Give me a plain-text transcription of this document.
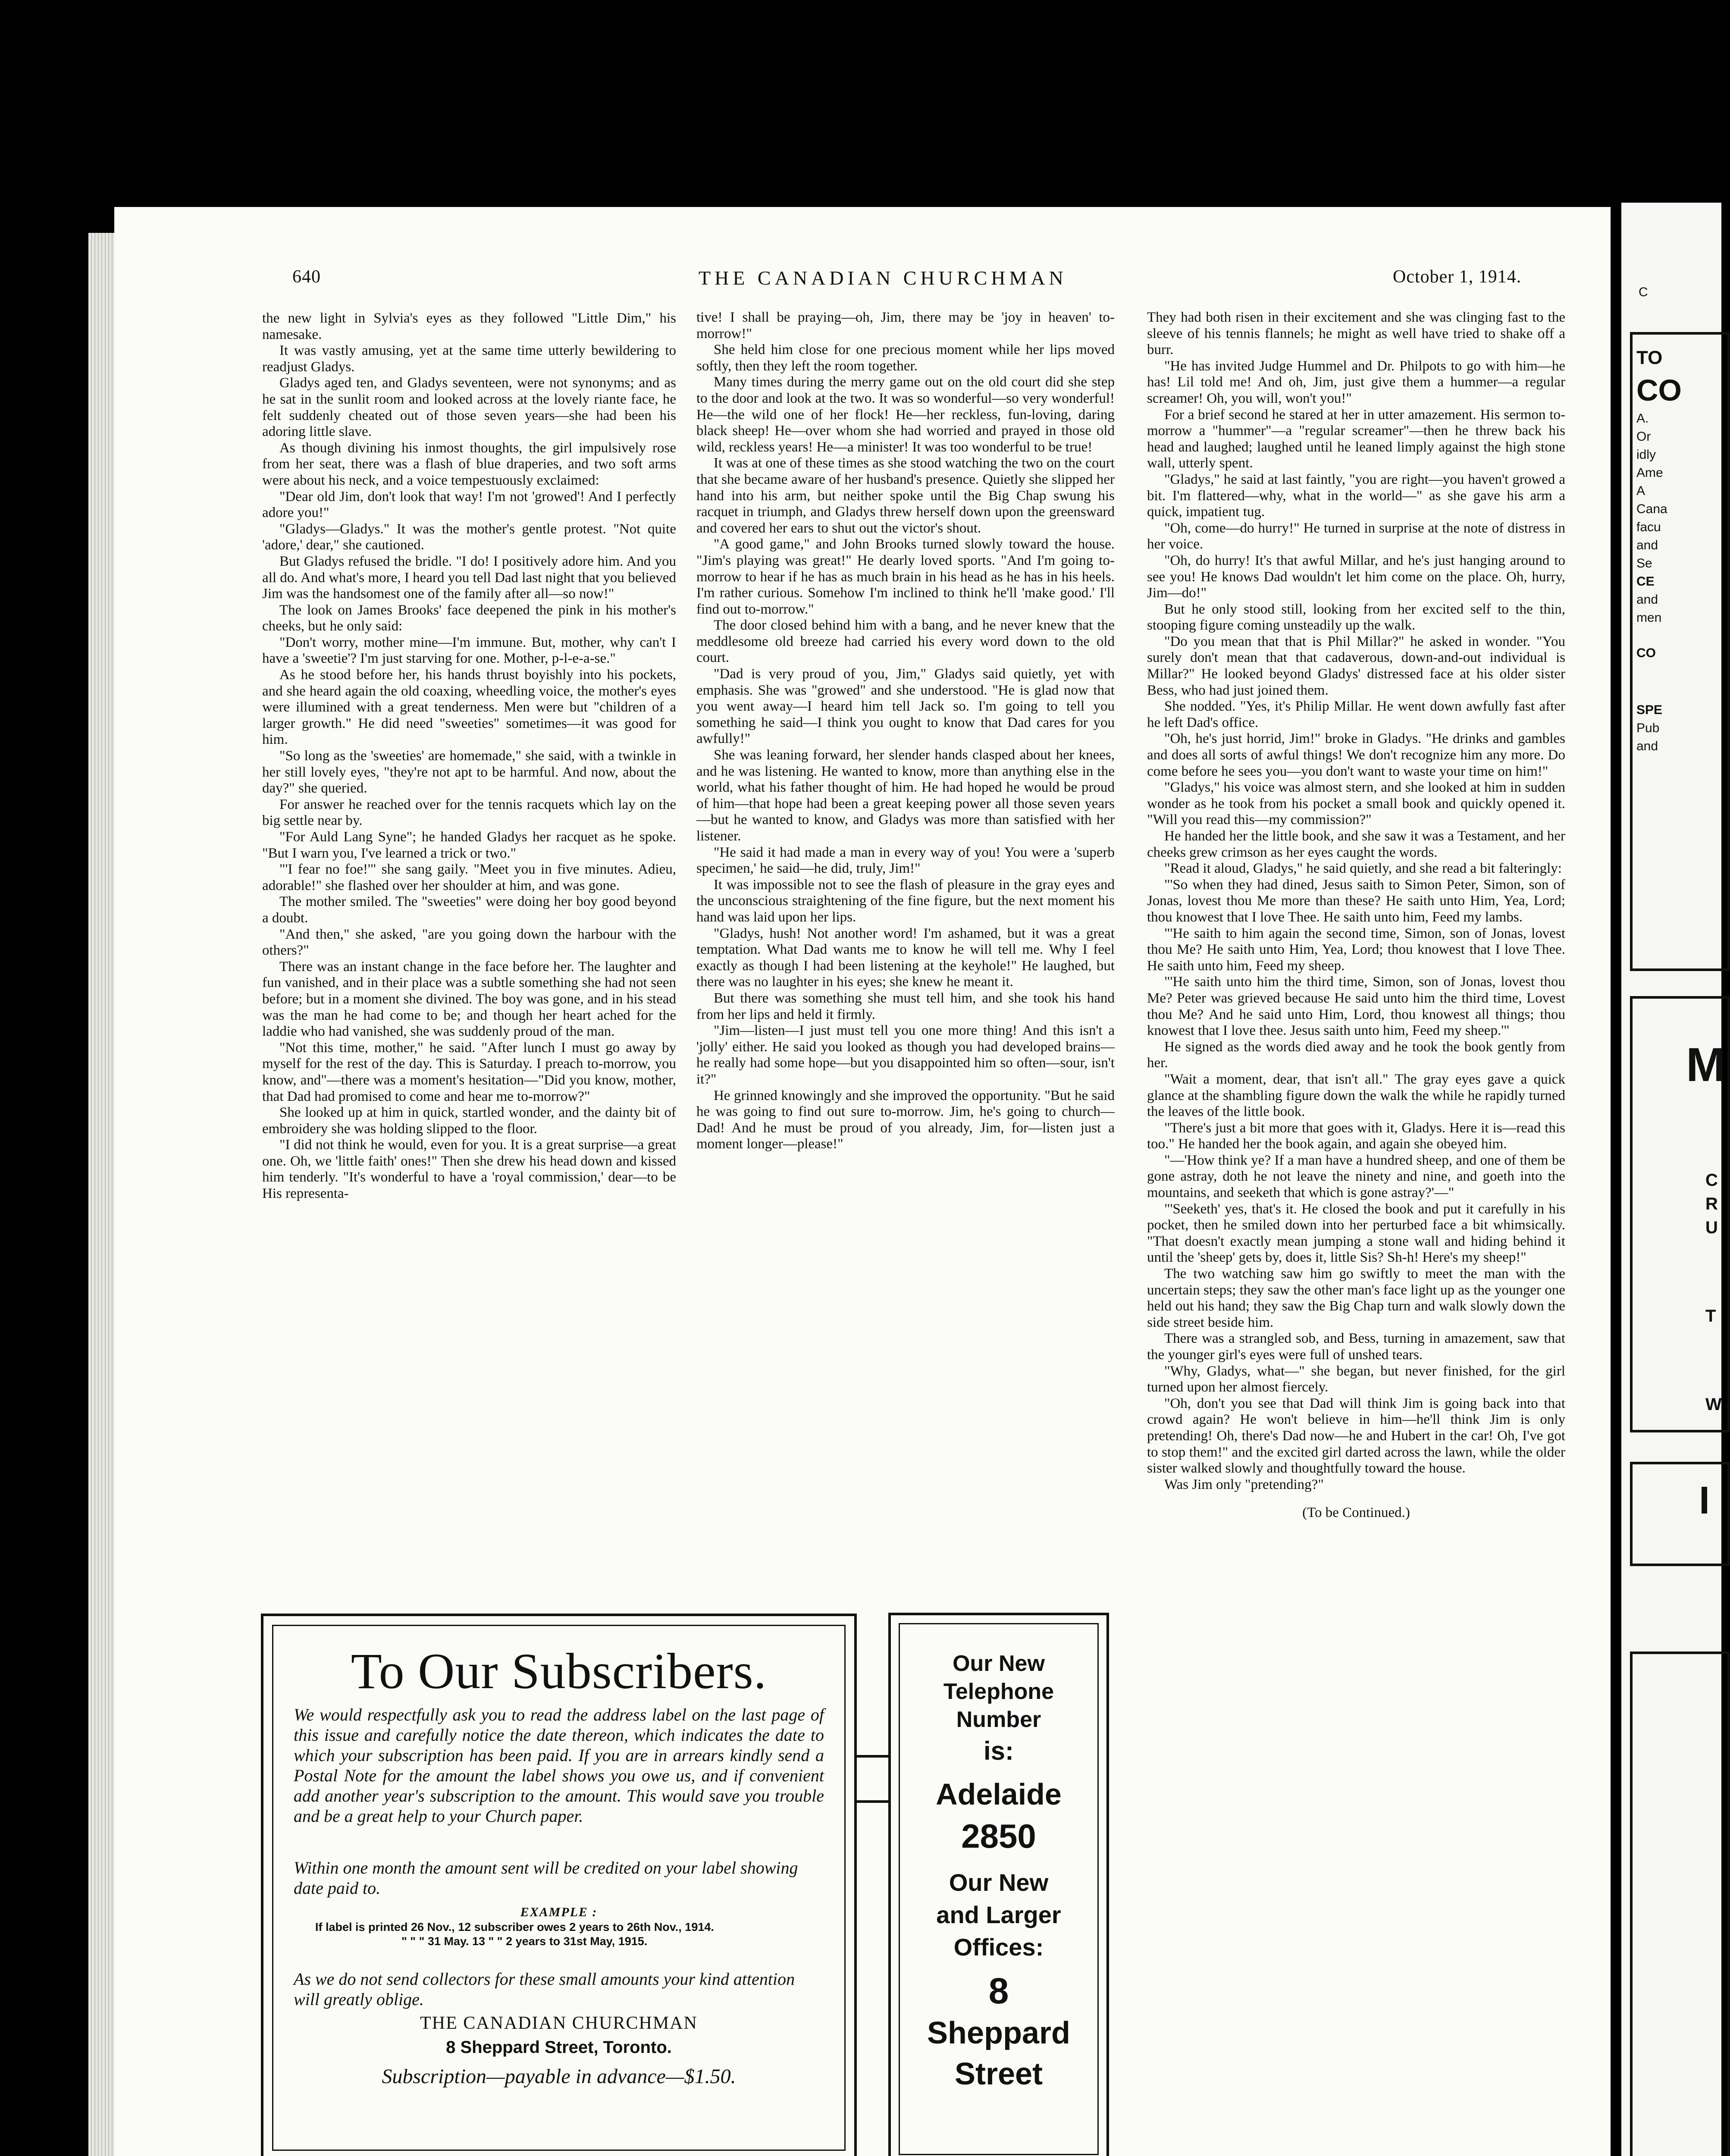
C
TO
CO
A.
Or
idly
Ame
A
Cana
facu
and
Se
CE
and
men
CO
SPE
Pub
and
M
C
R
U
T
W
I
640	THE CANADIAN CHURCHMAN	October 1, 1914.

the new light in Sylvia's eyes as they followed "Little Dim," his namesake.

It was vastly amusing, yet at the same time utterly bewildering to readjust Gladys.

Gladys aged ten, and Gladys seventeen, were not synonyms; and as he sat in the sunlit room and looked across at the lovely riante face, he felt suddenly cheated out of those seven years—she had been his adoring little slave.

As though divining his inmost thoughts, the girl impulsively rose from her seat, there was a flash of blue draperies, and two soft arms were about his neck, and a voice tempestuously exclaimed:

"Dear old Jim, don't look that way! I'm not 'growed'! And I perfectly adore you!"

"Gladys—Gladys." It was the mother's gentle protest. "Not quite 'adore,' dear," she cautioned.

But Gladys refused the bridle. "I do! I positively adore him. And you all do. And what's more, I heard you tell Dad last night that you believed Jim was the handsomest one of the family after all—so now!"

The look on James Brooks' face deepened the pink in his mother's cheeks, but he only said:

"Don't worry, mother mine—I'm immune. But, mother, why can't I have a 'sweetie'? I'm just starving for one. Mother, p-l-e-a-se."

As he stood before her, his hands thrust boyishly into his pockets, and she heard again the old coaxing, wheedling voice, the mother's eyes were illumined with a great tenderness. Men were but "children of a larger growth." He did need "sweeties" sometimes—it was good for him.

"So long as the 'sweeties' are homemade," she said, with a twinkle in her still lovely eyes, "they're not apt to be harmful. And now, about the day?" she queried.

For answer he reached over for the tennis racquets which lay on the big settle near by.

"For Auld Lang Syne"; he handed Gladys her racquet as he spoke. "But I warn you, I've learned a trick or two."

"'I fear no foe!'" she sang gaily. "Meet you in five minutes. Adieu, adorable!" she flashed over her shoulder at him, and was gone.

The mother smiled. The "sweeties" were doing her boy good beyond a doubt.

"And then," she asked, "are you going down the harbour with the others?"

There was an instant change in the face before her. The laughter and fun vanished, and in their place was a subtle something she had not seen before; but in a moment she divined. The boy was gone, and in his stead was the man he had come to be; and though her heart ached for the laddie who had vanished, she was suddenly proud of the man.

"Not this time, mother," he said. "After lunch I must go away by myself for the rest of the day. This is Saturday. I preach to-morrow, you know, and"—there was a moment's hesitation—"Did you know, mother, that Dad had promised to come and hear me to-morrow?"

She looked up at him in quick, startled wonder, and the dainty bit of embroidery she was holding slipped to the floor.

"I did not think he would, even for you. It is a great surprise—a great one. Oh, we 'little faith' ones!" Then she drew his head down and kissed him tenderly. "It's wonderful to have a 'royal commission,' dear—to be His representa-

tive! I shall be praying—oh, Jim, there may be 'joy in heaven' to-morrow!"

She held him close for one precious moment while her lips moved softly, then they left the room together.

Many times during the merry game out on the old court did she step to the door and look at the two. It was so wonderful—so very wonderful! He—the wild one of her flock! He—her reckless, fun-loving, daring black sheep! He—over whom she had worried and prayed in those old wild, reckless years! He—a minister! It was too wonderful to be true!

It was at one of these times as she stood watching the two on the court that she became aware of her husband's presence. Quietly she slipped her hand into his arm, but neither spoke until the Big Chap swung his racquet in triumph, and Gladys threw herself down upon the greensward and covered her ears to shut out the victor's shout.

"A good game," and John Brooks turned slowly toward the house. "Jim's playing was great!" He dearly loved sports. "And I'm going to-morrow to hear if he has as much brain in his head as he has in his heels. I'm rather curious. Somehow I'm inclined to think he'll 'make good.' I'll find out to-morrow."

The door closed behind him with a bang, and he never knew that the meddlesome old breeze had carried his every word down to the old court.

"Dad is very proud of you, Jim," Gladys said quietly, yet with emphasis. She was "growed" and she understood. "He is glad now that you went away—I heard him tell Jack so. I'm going to tell you something he said—I think you ought to know that Dad cares for you awfully!"

She was leaning forward, her slender hands clasped about her knees, and he was listening. He wanted to know, more than anything else in the world, what his father thought of him. He had hoped he would be proud of him—that hope had been a great keeping power all those seven years—but he wanted to know, and Gladys was more than satisfied with her listener.

"He said it had made a man in every way of you! You were a 'superb specimen,' he said—he did, truly, Jim!"

It was impossible not to see the flash of pleasure in the gray eyes and the unconscious straightening of the fine figure, but the next moment his hand was laid upon her lips.

"Gladys, hush! Not another word! I'm ashamed, but it was a great temptation. What Dad wants me to know he will tell me. Why I feel exactly as though I had been listening at the keyhole!" He laughed, but there was no laughter in his eyes; she knew he meant it.

But there was something she must tell him, and she took his hand from her lips and held it firmly.

"Jim—listen—I just must tell you one more thing! And this isn't a 'jolly' either. He said you looked as though you had developed brains—he really had some hope—but you disappointed him so often—sour, isn't it?"

He grinned knowingly and she improved the opportunity. "But he said he was going to find out sure to-morrow. Jim, he's going to church—Dad! And he must be proud of you already, Jim, for—listen just a moment longer—please!"

They had both risen in their excitement and she was clinging fast to the sleeve of his tennis flannels; he might as well have tried to shake off a burr.

"He has invited Judge Hummel and Dr. Philpots to go with him—he has! Lil told me! And oh, Jim, just give them a hummer—a regular screamer! Oh, you will, won't you!"

For a brief second he stared at her in utter amazement. His sermon to-morrow a "hummer"—a "regular screamer"—then he threw back his head and laughed; laughed until he leaned limply against the high stone wall, utterly spent.

"Gladys," he said at last faintly, "you are right—you haven't growed a bit. I'm flattered—why, what in the world—" as she gave his arm a quick, impatient tug.

"Oh, come—do hurry!" He turned in surprise at the note of distress in her voice.

"Oh, do hurry! It's that awful Millar, and he's just hanging around to see you! He knows Dad wouldn't let him come on the place. Oh, hurry, Jim—do!"

But he only stood still, looking from her excited self to the thin, stooping figure coming unsteadily up the walk.

"Do you mean that that is Phil Millar?" he asked in wonder. "You surely don't mean that that cadaverous, down-and-out individual is Millar?" He looked beyond Gladys' distressed face at his older sister Bess, who had just joined them.

She nodded. "Yes, it's Philip Millar. He went down awfully fast after he left Dad's office.

"Oh, he's just horrid, Jim!" broke in Gladys. "He drinks and gambles and does all sorts of awful things! We don't recognize him any more. Do come before he sees you—you don't want to waste your time on him!"

"Gladys," his voice was almost stern, and she looked at him in sudden wonder as he took from his pocket a small book and quickly opened it. "Will you read this—my commission?"

He handed her the little book, and she saw it was a Testament, and her cheeks grew crimson as her eyes caught the words.

"Read it aloud, Gladys," he said quietly, and she read a bit falteringly:

"'So when they had dined, Jesus saith to Simon Peter, Simon, son of Jonas, lovest thou Me more than these? He saith unto Him, Yea, Lord; thou knowest that I love Thee. He saith unto him, Feed my lambs.

"'He saith to him again the second time, Simon, son of Jonas, lovest thou Me? He saith unto Him, Yea, Lord; thou knowest that I love Thee. He saith unto him, Feed my sheep.

"'He saith unto him the third time, Simon, son of Jonas, lovest thou Me? Peter was grieved because He said unto him the third time, Lovest thou Me? And he said unto Him, Lord, thou knowest all things; thou knowest that I love thee. Jesus saith unto him, Feed my sheep.'"

He signed as the words died away and he took the book gently from her.

"Wait a moment, dear, that isn't all." The gray eyes gave a quick glance at the shambling figure down the walk the while he rapidly turned the leaves of the little book.

"There's just a bit more that goes with it, Gladys. Here it is—read this too." He handed her the book again, and again she obeyed him.

"—'How think ye? If a man have a hundred sheep, and one of them be gone astray, doth he not leave the ninety and nine, and goeth into the mountains, and seeketh that which is gone astray?'—"

"'Seeketh' yes, that's it. He closed the book and put it carefully in his pocket, then he smiled down into her perturbed face a bit whimsically. "That doesn't exactly mean jumping a stone wall and hiding behind it until the 'sheep' gets by, does it, little Sis? Sh-h! Here's my sheep!"

The two watching saw him go swiftly to meet the man with the uncertain steps; they saw the other man's face light up as the younger one held out his hand; they saw the Big Chap turn and walk slowly down the side street beside him.

There was a strangled sob, and Bess, turning in amazement, saw that the younger girl's eyes were full of unshed tears.

"Why, Gladys, what—" she began, but never finished, for the girl turned upon her almost fiercely.

"Oh, don't you see that Dad will think Jim is going back into that crowd again? He won't believe in him—he'll think Jim is only pretending! Oh, there's Dad now—he and Hubert in the car! Oh, I've got to stop them!" and the excited girl darted across the lawn, while the older sister walked slowly and thoughtfully toward the house.

Was Jim only "pretending?"

(To be Continued.)

To Our Subscribers.
We would respectfully ask you to read the address label on the last page of this issue and carefully notice the date thereon, which indicates the date to which your subscription has been paid. If you are in arrears kindly send a Postal Note for the amount the label shows you owe us, and if convenient add another year's subscription to the amount. This would save you trouble and be a great help to your Church paper.
Within one month the amount sent will be credited on your label showing date paid to.
EXAMPLE :
If label is printed 26 Nov., 12 subscriber owes 2 years to 26th Nov., 1914.
" " " 31 May. 13 " " 2 years to 31st May, 1915.
As we do not send collectors for these small amounts your kind attention will greatly oblige.
THE CANADIAN CHURCHMAN
8 Sheppard Street, Toronto.
Subscription—payable in advance—$1.50.
Our New
Telephone
Number
is:
Adelaide
2850
Our New
and Larger
Offices:
8
Sheppard
Street
